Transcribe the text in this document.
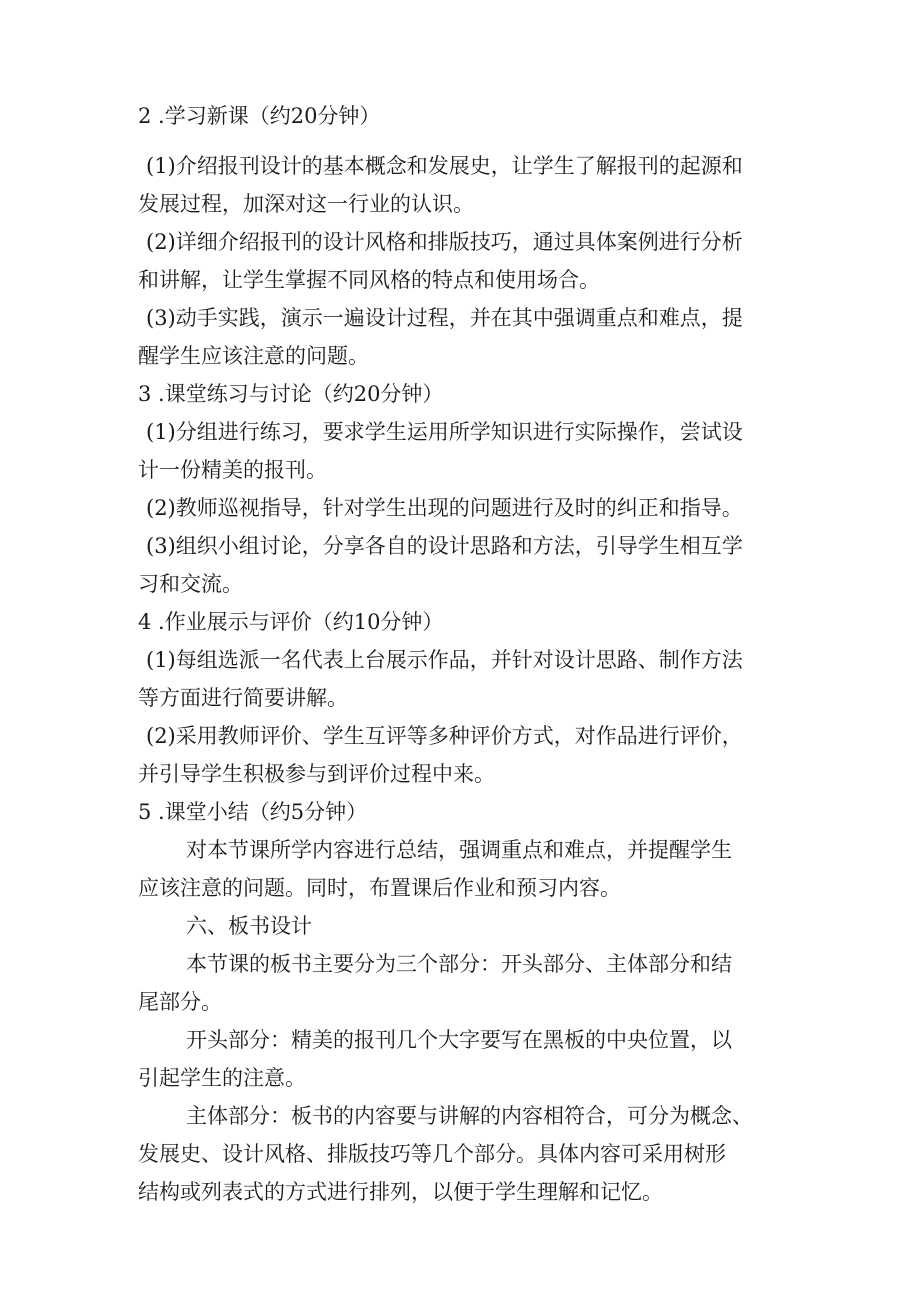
2 .学习新课（约20分钟）

(1)介绍报刊设计的基本概念和发展史，让学生了解报刊的起源和

发展过程，加深对这一行业的认识。

(2)详细介绍报刊的设计风格和排版技巧，通过具体案例进行分析

和讲解，让学生掌握不同风格的特点和使用场合。

(3)动手实践，演示一遍设计过程，并在其中强调重点和难点，提

醒学生应该注意的问题。

3 .课堂练习与讨论（约20分钟）

(1)分组进行练习，要求学生运用所学知识进行实际操作，尝试设

计一份精美的报刊。

(2)教师巡视指导，针对学生出现的问题进行及时的纠正和指导。

(3)组织小组讨论，分享各自的设计思路和方法，引导学生相互学

习和交流。

4 .作业展示与评价（约10分钟）

(1)每组选派一名代表上台展示作品，并针对设计思路、制作方法

等方面进行简要讲解。

(2)采用教师评价、学生互评等多种评价方式，对作品进行评价，

并引导学生积极参与到评价过程中来。

5 .课堂小结（约5分钟）

对本节课所学内容进行总结，强调重点和难点，并提醒学生

应该注意的问题。同时，布置课后作业和预习内容。

六、板书设计

本节课的板书主要分为三个部分：开头部分、主体部分和结

尾部分。

开头部分：精美的报刊几个大字要写在黑板的中央位置，以

引起学生的注意。

主体部分：板书的内容要与讲解的内容相符合，可分为概念、

发展史、设计风格、排版技巧等几个部分。具体内容可采用树形

结构或列表式的方式进行排列，以便于学生理解和记忆。
